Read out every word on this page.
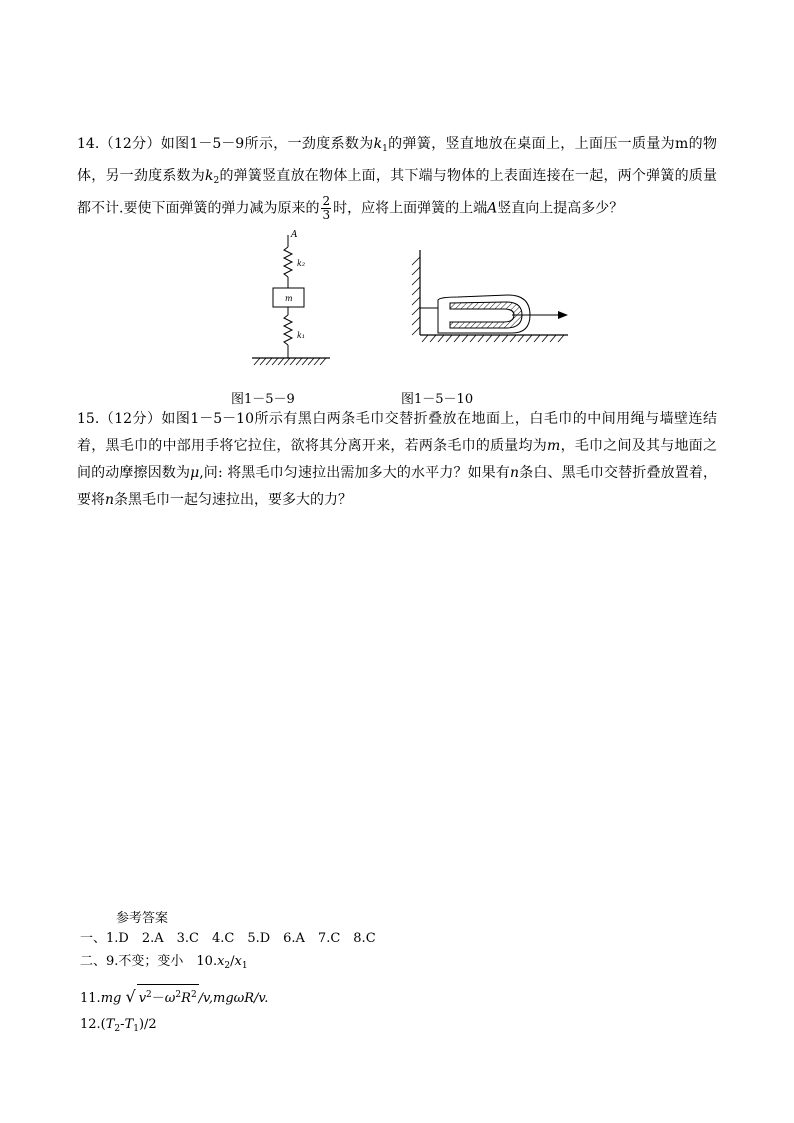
14.（12分）如图1－5－9所示，一劲度系数为$k_1$的弹簧，竖直地放在桌面上，上面压一质量为m的物体，另一劲度系数为$k_2$的弹簧竖直放在物体上面，其下端与物体的上表面连接在一起，两个弹簧的质量都不计.要使下面弹簧的弹力减为原来的 $\frac{2}{3}$ 时，应将上面弹簧的上端A竖直向上提高多少？
A
k₂
m
k₁
图1－5－9	图1－5－10
15.（12分）如图1－5－10所示有黑白两条毛巾交替折叠放在地面上，白毛巾的中间用绳与墙壁连结着，黑毛巾的中部用手将它拉住，欲将其分离开来，若两条毛巾的质量均为m，毛巾之间及其与地面之间的动摩擦因数为μ,问: 将黑毛巾匀速拉出需加多大的水平力？如果有n条白、黑毛巾交替折叠放置着，要将n条黑毛巾一起匀速拉出，要多大的力？
参考答案
一、1.D　2.A　3.C　4.C　5.D　6.A　7.C　8.C
二、9.不变；变小　$10.x_2/x_1$
11.mg √ $v^2-\omega^2R^2$ /v,mgωR/v.
$12.(T_2-T_1)/2$
